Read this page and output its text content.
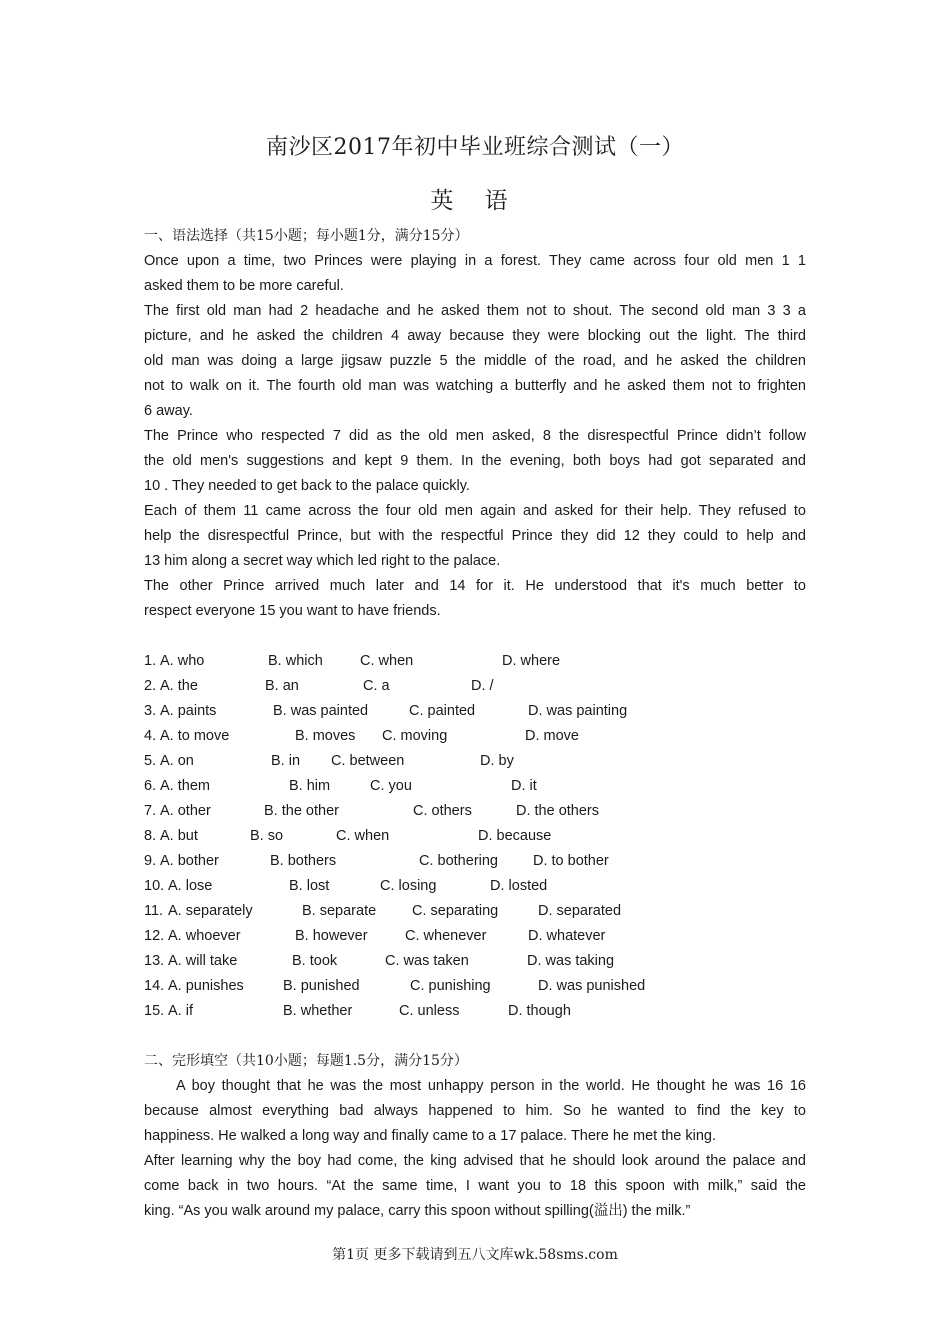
南沙区2017年初中毕业班综合测试（一）
英 语
一、语法选择（共15小题；每小题1分，满分15分）
Once upon a time, two Princes were playing in a forest. They came across four old men 1 1
asked them to be more careful.
The first old man had 2 headache and he asked them not to shout. The second old man 3 3 a
picture, and he asked the children 4 away because they were blocking out the light. The third
old man was doing a large jigsaw puzzle 5 the middle of the road, and he asked the children
not to walk on it. The fourth old man was watching a butterfly and he asked them not to frighten
6 away.
The Prince who respected 7 did as the old men asked, 8 the disrespectful Prince didn’t follow
the old men's suggestions and kept 9 them. In the evening, both boys had got separated and
10 . They needed to get back to the palace quickly.
Each of them 11 came across the four old men again and asked for their help. They refused to
help the disrespectful Prince, but with the respectful Prince they did 12 they could to help and
13 him along a secret way which led right to the palace.
The other Prince arrived much later and 14 for it. He understood that it's much better to
respect everyone 15 you want to have friends.
1. A. who	B. which	C. when	D. where
2. A. the	B. an	C. a	D. /
3. A. paints	B. was painted	C. painted	D. was painting
4. A. to move	B. moves C. moving	D. move
5. A. on	B. in C. between	D. by
6. A. them	B. him	C. you	D. it
7. A. other	B. the other	C. others	D. the others
8. A. but	B. so	C. when	D. because
9. A. bother	B. bothers	C. bothering D. to bother
10. A. lose	B. lost	C. losing	D. losted
11. A. separately	B. separate C. separating	D. separated
12. A. whoever	B. however	C. whenever	D. whatever
13. A. will take	B. took	C. was taken	D. was taking
14. A. punishes	B. punished	C. punishing	D. was punished
15. A. if	B. whether	C. unless	D. though
二、完形填空（共10小题；每题1.5分，满分15分）
A boy thought that he was the most unhappy person in the world. He thought he was 16 16
because almost everything bad always happened to him. So he wanted to find the key to
happiness. He walked a long way and finally came to a 17 palace. There he met the king.
After learning why the boy had come, the king advised that he should look around the palace and
come back in two hours. “At the same time, I want you to 18 this spoon with milk,” said the
king. “As you walk around my palace, carry this spoon without spilling(溢出) the milk.”
第1页 更多下载请到五八文库wk.58sms.com
